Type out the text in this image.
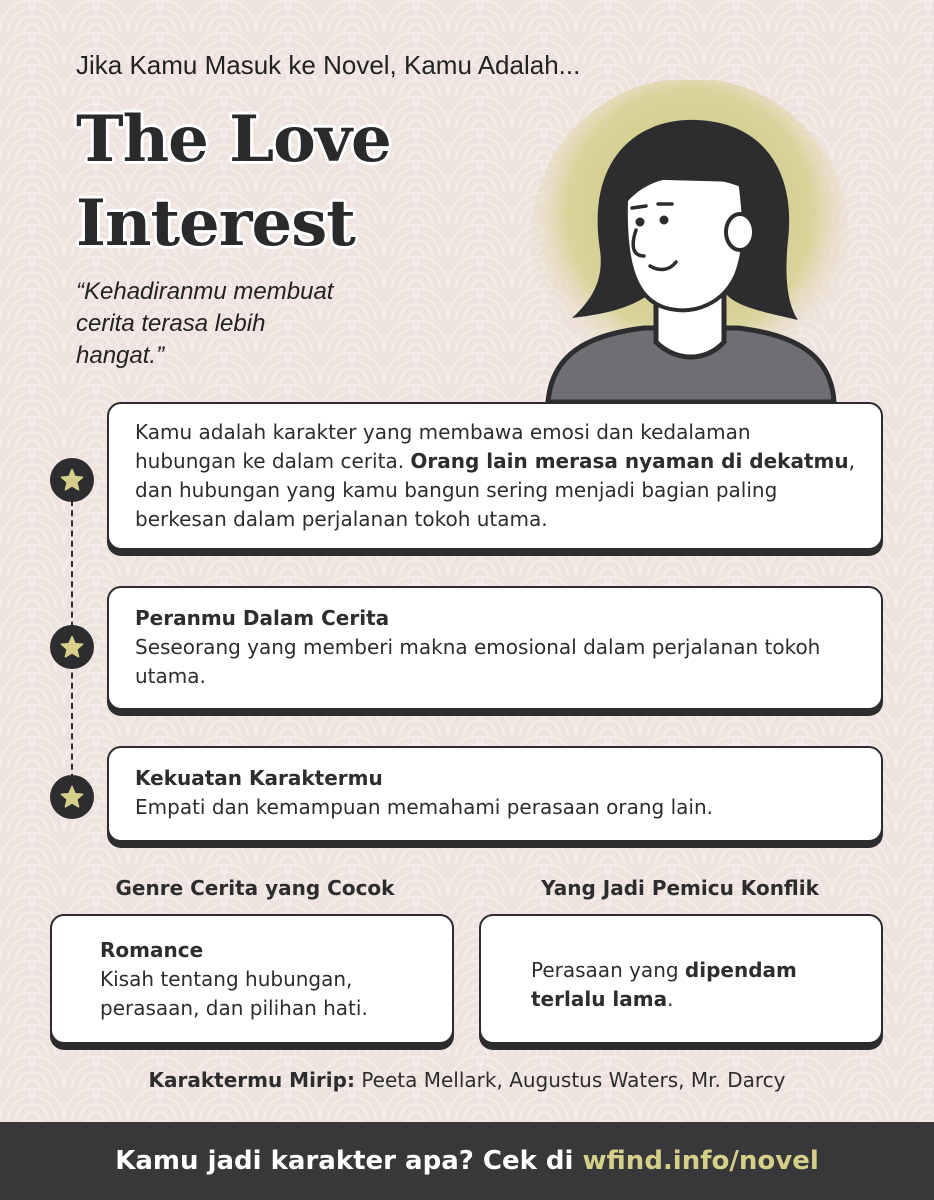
Jika Kamu Masuk ke Novel, Kamu Adalah...
The Love
Interest

“Kehadiranmu membuat
cerita terasa lebih
hangat.”

Kamu adalah karakter yang membawa emosi dan kedalaman hubungan ke dalam cerita. Orang lain merasa nyaman di dekatmu, dan hubungan yang kamu bangun sering menjadi bagian paling berkesan dalam perjalanan tokoh utama.

Peranmu Dalam Cerita
Seseorang yang memberi makna emosional dalam perjalanan tokoh utama.
Kekuatan Karaktermu
Empati dan kemampuan memahami perasaan orang lain.
Genre Cerita yang Cocok	Yang Jadi Pemicu Konflik
Romance
Kisah tentang hubungan, perasaan, dan pilihan hati.

Perasaan yang dipendam terlalu lama.

Karaktermu Mirip: Peeta Mellark, Augustus Waters, Mr. Darcy
Kamu jadi karakter apa? Cek di wfind.info/novel
